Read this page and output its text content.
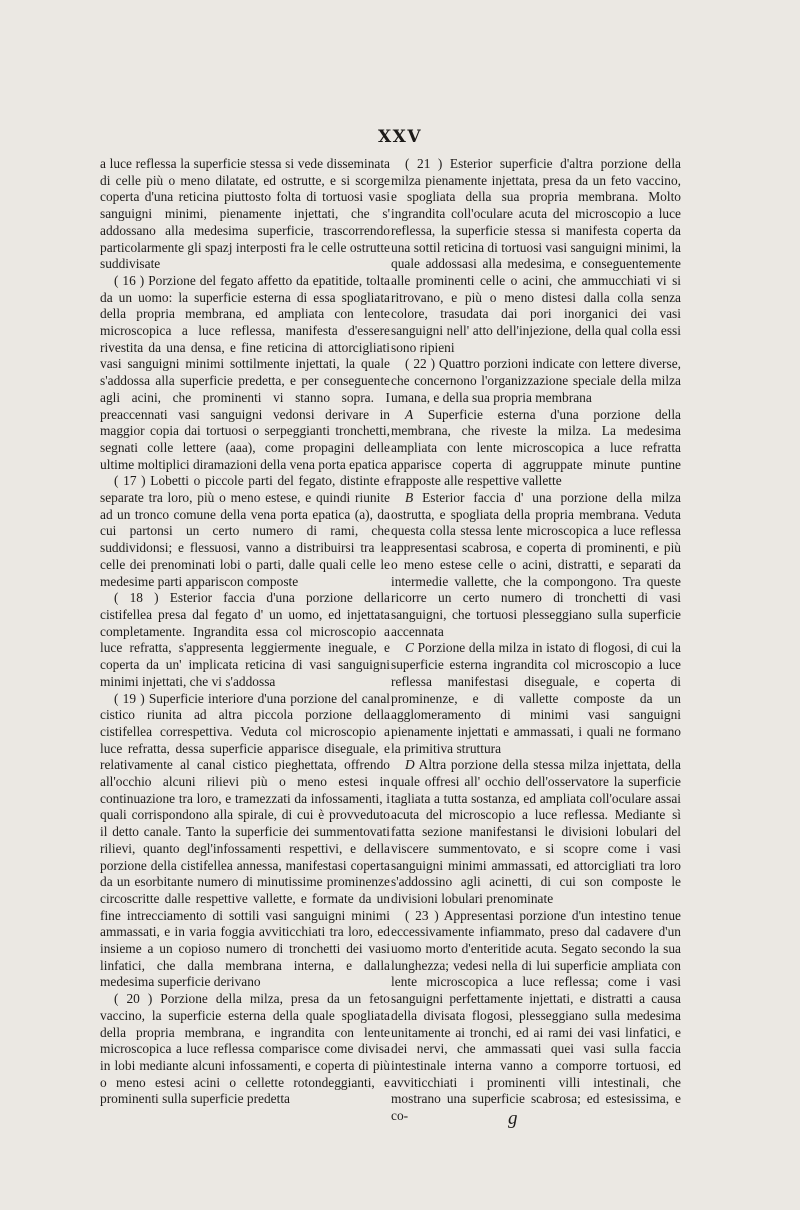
XXV

a luce reflessa la superficie stessa si vede disseminata di celle più o meno dilatate, ed ostrutte, e si scorge coperta d'una reticina piuttosto folta di tortuosi vasi sanguigni minimi, pienamente injettati, che s' addossano alla medesima superficie, trascorrendo particolarmente gli spazj interposti fra le celle ostrutte suddivisate

( 16 ) Porzione del fegato affetto da epatitide, tolta da un uomo: la superficie esterna di essa spogliata della propria membrana, ed ampliata con lente microscopica a luce reflessa, manifesta d'essere rivestita da una densa, e fine reticina di attorcigliati vasi sanguigni minimi sottilmente injettati, la quale s'addossa alla superficie predetta, e per conseguente agli acini, che prominenti vi stanno sopra. I preaccennati vasi sanguigni vedonsi derivare in maggior copia dai tortuosi o serpeggianti tronchetti, segnati colle lettere (aaa), come propagini delle ultime moltiplici diramazioni della vena porta epatica

( 17 ) Lobetti o piccole parti del fegato, distinte e separate tra loro, più o meno estese, e quindi riunite ad un tronco comune della vena porta epatica (a), da cui partonsi un certo numero di rami, che suddividonsi; e flessuosi, vanno a distribuirsi tra le celle dei prenominati lobi o parti, dalle quali celle le medesime parti appariscon composte

( 18 ) Esterior faccia d'una porzione della cistifellea presa dal fegato d' un uomo, ed injettata completamente. Ingrandita essa col microscopio a luce refratta, s'appresenta leggiermente ineguale, e coperta da un' implicata reticina di vasi sanguigni minimi injettati, che vi s'addossa

( 19 ) Superficie interiore d'una porzione del canal cistico riunita ad altra piccola porzione della cistifellea correspettiva. Veduta col microscopio a luce refratta, dessa superficie apparisce diseguale, e relativamente al canal cistico pieghettata, offrendo all'occhio alcuni rilievi più o meno estesi in continuazione tra loro, e tramezzati da infossamenti, i quali corrispondono alla spirale, di cui è provveduto il detto canale. Tanto la superficie dei summentovati rilievi, quanto degl'infossamenti respettivi, e della porzione della cistifellea annessa, manifestasi coperta da un esorbitante numero di minutissime prominenze circoscritte dalle respettive vallette, e formate da un fine intrecciamento di sottili vasi sanguigni minimi ammassati, e in varia foggia avviticchiati tra loro, ed insieme a un copioso numero di tronchetti dei vasi linfatici, che dalla membrana interna, e dalla medesima superficie derivano

( 20 ) Porzione della milza, presa da un feto vaccino, la superficie esterna della quale spogliata della propria membrana, e ingrandita con lente microscopica a luce reflessa comparisce come divisa in lobi mediante alcuni infossamenti, e coperta di più o meno estesi acini o cellette rotondeggianti, e prominenti sulla superficie predetta

( 21 ) Esterior superficie d'altra porzione della milza pienamente injettata, presa da un feto vaccino, e spogliata della sua propria membrana. Molto ingrandita coll'oculare acuta del microscopio a luce reflessa, la superficie stessa si manifesta coperta da una sottil reticina di tortuosi vasi sanguigni minimi, la quale addossasi alla medesima, e conseguentemente alle prominenti celle o acini, che ammucchiati vi si ritrovano, e più o meno distesi dalla colla senza colore, trasudata dai pori inorganici dei vasi sanguigni nell' atto dell'injezione, della qual colla essi sono ripieni

( 22 ) Quattro porzioni indicate con lettere diverse, che concernono l'organizzazione speciale della milza umana, e della sua propria membrana

A Superficie esterna d'una porzione della membrana, che riveste la milza. La medesima ampliata con lente microscopica a luce refratta apparisce coperta di aggruppate minute puntine frapposte alle respettive vallette

B Esterior faccia d' una porzione della milza ostrutta, e spogliata della propria membrana. Veduta questa colla stessa lente microscopica a luce reflessa appresentasi scabrosa, e coperta di prominenti, e più o meno estese celle o acini, distratti, e separati da intermedie vallette, che la compongono. Tra queste ricorre un certo numero di tronchetti di vasi sanguigni, che tortuosi plesseggiano sulla superficie accennata

C Porzione della milza in istato di flogosi, di cui la superficie esterna ingrandita col microscopio a luce reflessa manifestasi diseguale, e coperta di prominenze, e di vallette composte da un agglomeramento di minimi vasi sanguigni pienamente injettati e ammassati, i quali ne formano la primitiva struttura

D Altra porzione della stessa milza injettata, della quale offresi all' occhio dell'osservatore la superficie tagliata a tutta sostanza, ed ampliata coll'oculare assai acuta del microscopio a luce reflessa. Mediante sì fatta sezione manifestansi le divisioni lobulari del viscere summentovato, e si scopre come i vasi sanguigni minimi ammassati, ed attorcigliati tra loro s'addossino agli acinetti, di cui son composte le divisioni lobulari prenominate

( 23 ) Appresentasi porzione d'un intestino tenue eccessivamente infiammato, preso dal cadavere d'un uomo morto d'enteritide acuta. Segato secondo la sua lunghezza; vedesi nella di lui superficie ampliata con lente microscopica a luce reflessa; come i vasi sanguigni perfettamente injettati, e distratti a causa della divisata flogosi, plesseggiano sulla medesima unitamente ai tronchi, ed ai rami dei vasi linfatici, e dei nervi, che ammassati quei vasi sulla faccia intestinale interna vanno a comporre tortuosi, ed avviticchiati i prominenti villi intestinali, che mostrano una superficie scabrosa; ed estesissima, e co-	g
